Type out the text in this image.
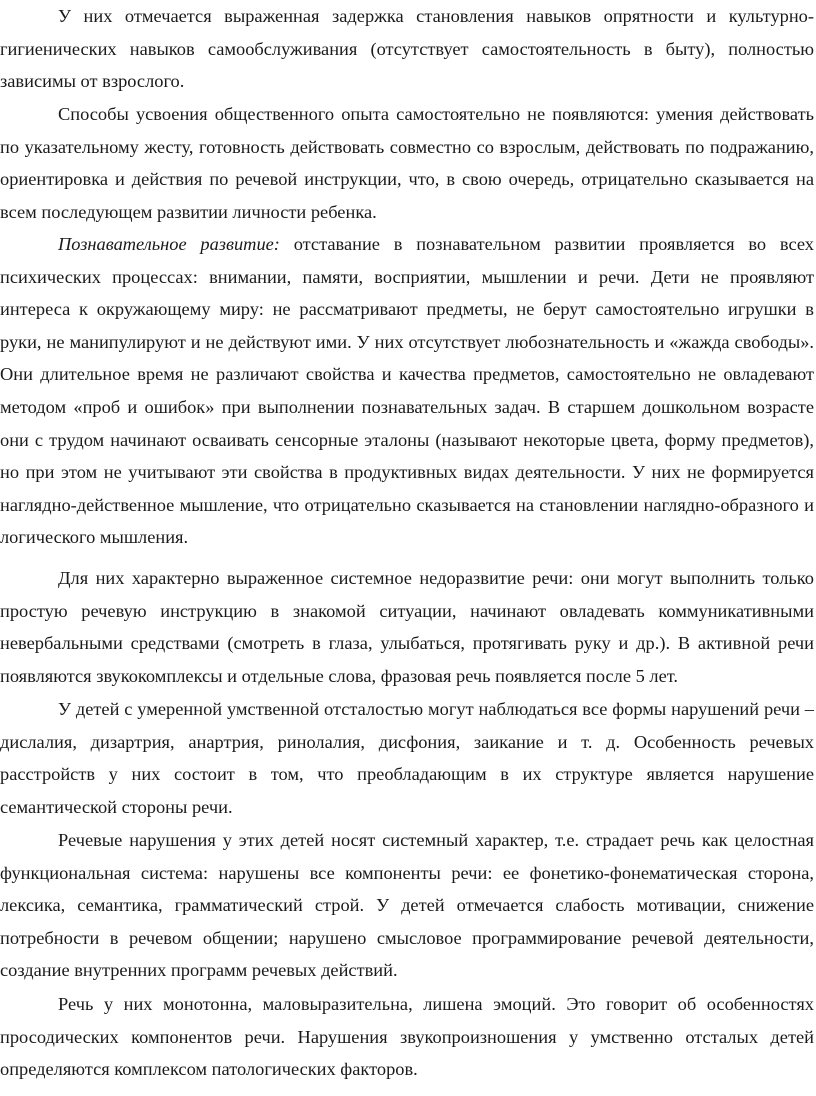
У них отмечается выраженная задержка становления навыков опрятности и культурно-гигиенических навыков самообслуживания (отсутствует самостоятельность в быту), полностью зависимы от взрослого.

Способы усвоения общественного опыта самостоятельно не появляются: умения действовать по указательному жесту, готовность действовать совместно со взрослым, действовать по подражанию, ориентировка и действия по речевой инструкции, что, в свою очередь, отрицательно сказывается на всем последующем развитии личности ребенка.

Познавательное развитие: отставание в познавательном развитии проявляется во всех психических процессах: внимании, памяти, восприятии, мышлении и речи. Дети не проявляют интереса к окружающему миру: не рассматривают предметы, не берут самостоятельно игрушки в руки, не манипулируют и не действуют ими. У них отсутствует любознательность и «жажда свободы». Они длительное время не различают свойства и качества предметов, самостоятельно не овладевают методом «проб и ошибок» при выполнении познавательных задач. В старшем дошкольном возрасте они с трудом начинают осваивать сенсорные эталоны (называют некоторые цвета, форму предметов), но при этом не учитывают эти свойства в продуктивных видах деятельности. У них не формируется наглядно-действенное мышление, что отрицательно сказывается на становлении наглядно-образного и логического мышления.

Для них характерно выраженное системное недоразвитие речи: они могут выполнить только простую речевую инструкцию в знакомой ситуации, начинают овладевать коммуникативными невербальными средствами (смотреть в глаза, улыбаться, протягивать руку и др.). В активной речи появляются звукокомплексы и отдельные слова, фразовая речь появляется после 5 лет.

У детей с умеренной умственной отсталостью могут наблюдаться все формы нарушений речи – дислалия, дизартрия, анартрия, ринолалия, дисфония, заикание и т. д. Особенность речевых расстройств у них состоит в том, что преобладающим в их структуре является нарушение семантической стороны речи.

Речевые нарушения у этих детей носят системный характер, т.е. страдает речь как целостная функциональная система: нарушены все компоненты речи: ее фонетико-фонематическая сторона, лексика, семантика, грамматический строй. У детей отмечается слабость мотивации, снижение потребности в речевом общении; нарушено смысловое программирование речевой деятельности, создание внутренних программ речевых действий.

Речь у них монотонна, маловыразительна, лишена эмоций. Это говорит об особенностях просодических компонентов речи. Нарушения звукопроизношения у умственно отсталых детей определяются комплексом патологических факторов.
